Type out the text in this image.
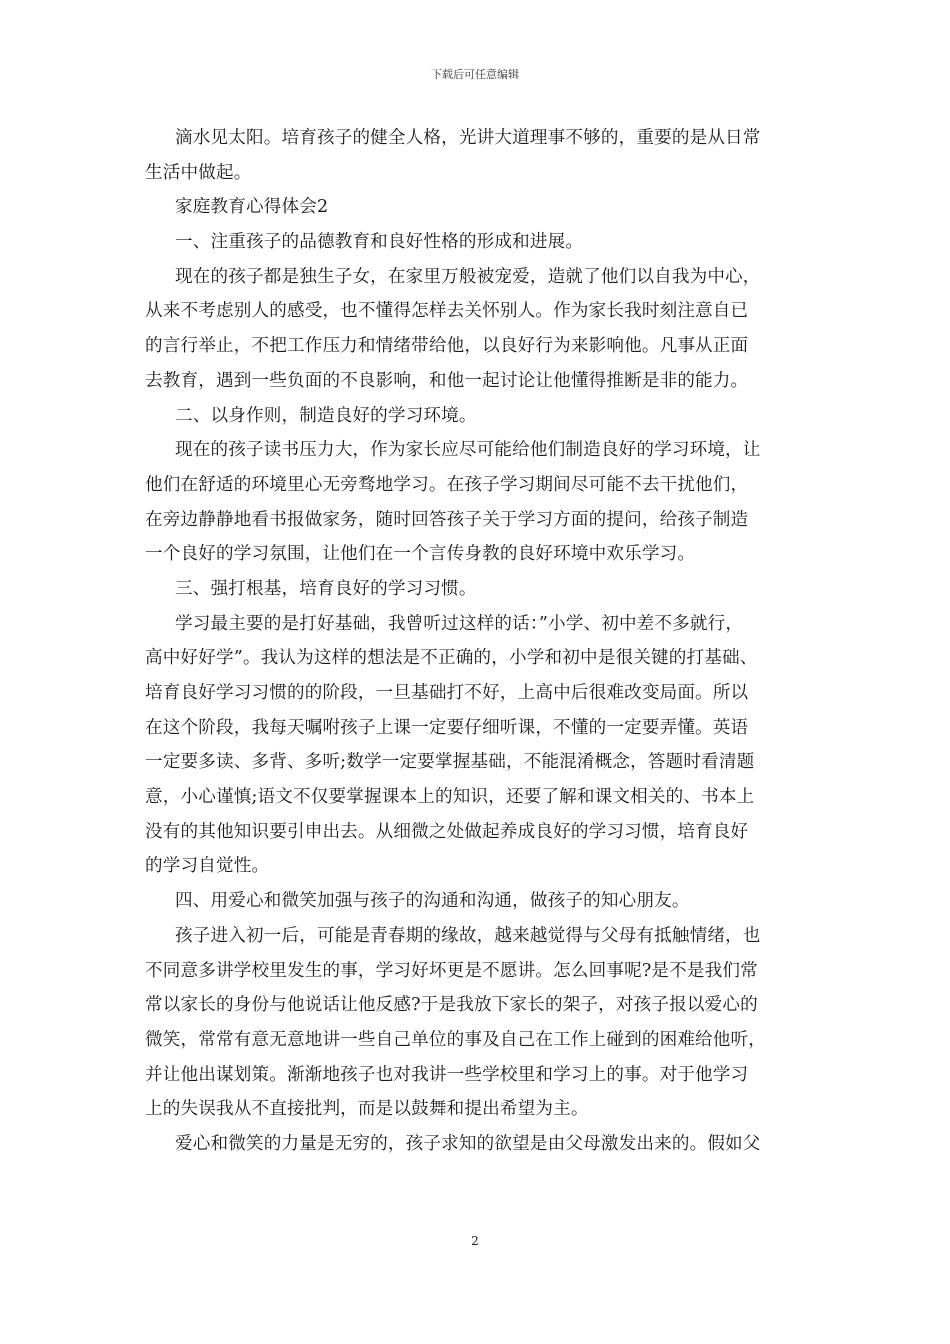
下载后可任意编辑
滴水见太阳。培育孩子的健全人格，光讲大道理事不够的，重要的是从日常
生活中做起。
家庭教育心得体会2
一、注重孩子的品德教育和良好性格的形成和进展。
现在的孩子都是独生子女，在家里万般被宠爱，造就了他们以自我为中心，
从来不考虑别人的感受，也不懂得怎样去关怀别人。作为家长我时刻注意自已
的言行举止，不把工作压力和情绪带给他，以良好行为来影响他。凡事从正面
去教育，遇到一些负面的不良影响，和他一起讨论让他懂得推断是非的能力。
二、以身作则，制造良好的学习环境。
现在的孩子读书压力大，作为家长应尽可能给他们制造良好的学习环境，让
他们在舒适的环境里心无旁骛地学习。在孩子学习期间尽可能不去干扰他们，
在旁边静静地看书报做家务，随时回答孩子关于学习方面的提问，给孩子制造
一个良好的学习氛围，让他们在一个言传身教的良好环境中欢乐学习。
三、强打根基，培育良好的学习习惯。
学习最主要的是打好基础，我曾听过这样的话：”小学、初中差不多就行，
高中好好学”。我认为这样的想法是不正确的，小学和初中是很关键的打基础、
培育良好学习习惯的的阶段，一旦基础打不好，上高中后很难改变局面。所以
在这个阶段，我每天嘱咐孩子上课一定要仔细听课，不懂的一定要弄懂。英语
一定要多读、多背、多听;数学一定要掌握基础，不能混淆概念，答题时看清题
意，小心谨慎;语文不仅要掌握课本上的知识，还要了解和课文相关的、书本上
没有的其他知识要引申出去。从细微之处做起养成良好的学习习惯，培育良好
的学习自觉性。
四、用爱心和微笑加强与孩子的沟通和沟通，做孩子的知心朋友。
孩子进入初一后，可能是青春期的缘故，越来越觉得与父母有抵触情绪，也
不同意多讲学校里发生的事，学习好坏更是不愿讲。怎么回事呢?是不是我们常
常以家长的身份与他说话让他反感?于是我放下家长的架子，对孩子报以爱心的
微笑，常常有意无意地讲一些自己单位的事及自己在工作上碰到的困难给他听，
并让他出谋划策。渐渐地孩子也对我讲一些学校里和学习上的事。对于他学习
上的失误我从不直接批判，而是以鼓舞和提出希望为主。
爱心和微笑的力量是无穷的，孩子求知的欲望是由父母激发出来的。假如父
2
